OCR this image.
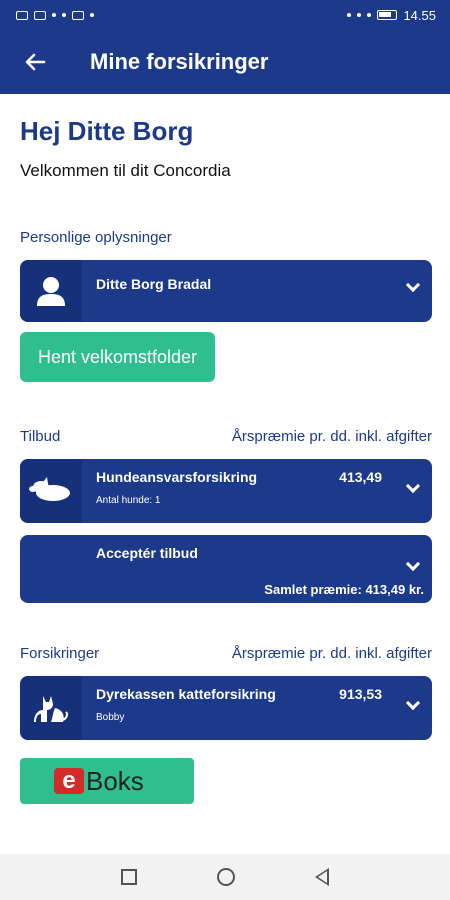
14.55
Mine forsikringer
Hej Ditte Borg
Velkommen til dit Concordia
Personlige oplysninger
Ditte Borg Bradal
Hent velkomstfolder
Tilbud	Årspræmie pr. dd. inkl. afgifter
Hundeansvarsforsikring
Antal hunde: 1
413,49
Acceptér tilbud
Samlet præmie: 413,49 kr.
Forsikringer	Årspræmie pr. dd. inkl. afgifter
Dyrekassen katteforsikring
Bobby
913,53
e Boks
